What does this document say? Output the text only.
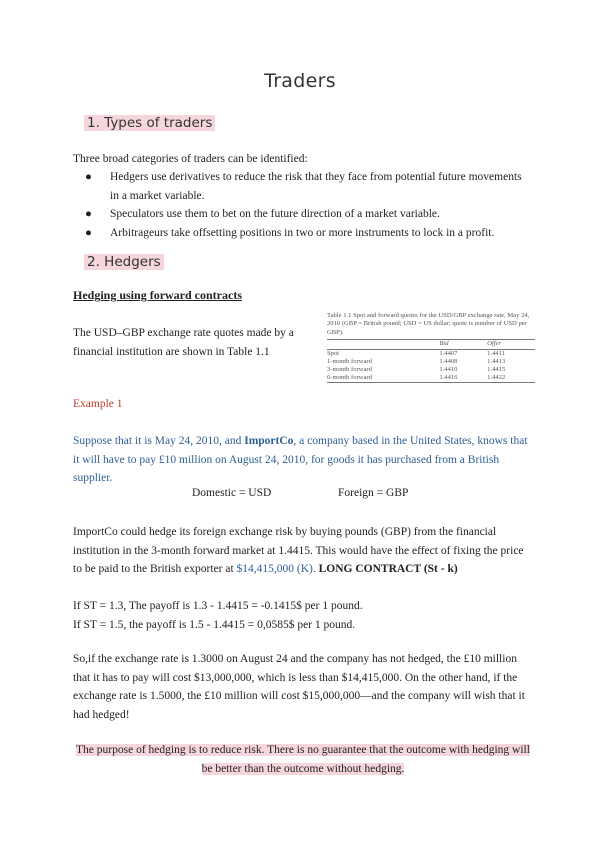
Traders
1. Types of traders
Three broad categories of traders can be identified:
● Hedgers use derivatives to reduce the risk that they face from potential future movements in a market variable.
● Speculators use them to bet on the future direction of a market variable.
● Arbitrageurs take offsetting positions in two or more instruments to lock in a profit.
2. Hedgers
Hedging using forward contracts
The USD–GBP exchange rate quotes made by a financial institution are shown in Table 1.1
Table 1.1 Spot and forward quotes for the USD/GBP exchange rate, May 24, 2010 (GBP = British pound; USD = US dollar; quote is number of USD per GBP).
	Bid	Offer
Spot	1.4407	1.4411
1-month forward	1.4408	1.4413
3-month forward	1.4410	1.4415
6-month forward	1.4416	1.4422
Example 1
Suppose that it is May 24, 2010, and ImportCo, a company based in the United States, knows that it will have to pay £10 million on August 24, 2010, for goods it has purchased from a British supplier.
Domestic = USD	Foreign = GBP
ImportCo could hedge its foreign exchange risk by buying pounds (GBP) from the financial institution in the 3-month forward market at 1.4415. This would have the effect of fixing the price to be paid to the British exporter at $14,415,000 (K). LONG CONTRACT (St - k)
If ST = 1.3, The payoff is 1.3 - 1.4415 = -0.1415$ per 1 pound.
If ST = 1.5, the payoff is 1.5 - 1.4415 = 0,0585$ per 1 pound.
So,if the exchange rate is 1.3000 on August 24 and the company has not hedged, the £10 million that it has to pay will cost $13,000,000, which is less than $14,415,000. On the other hand, if the exchange rate is 1.5000, the £10 million will cost $15,000,000—and the company will wish that it had hedged!
The purpose of hedging is to reduce risk. There is no guarantee that the outcome with hedging will be better than the outcome without hedging.
